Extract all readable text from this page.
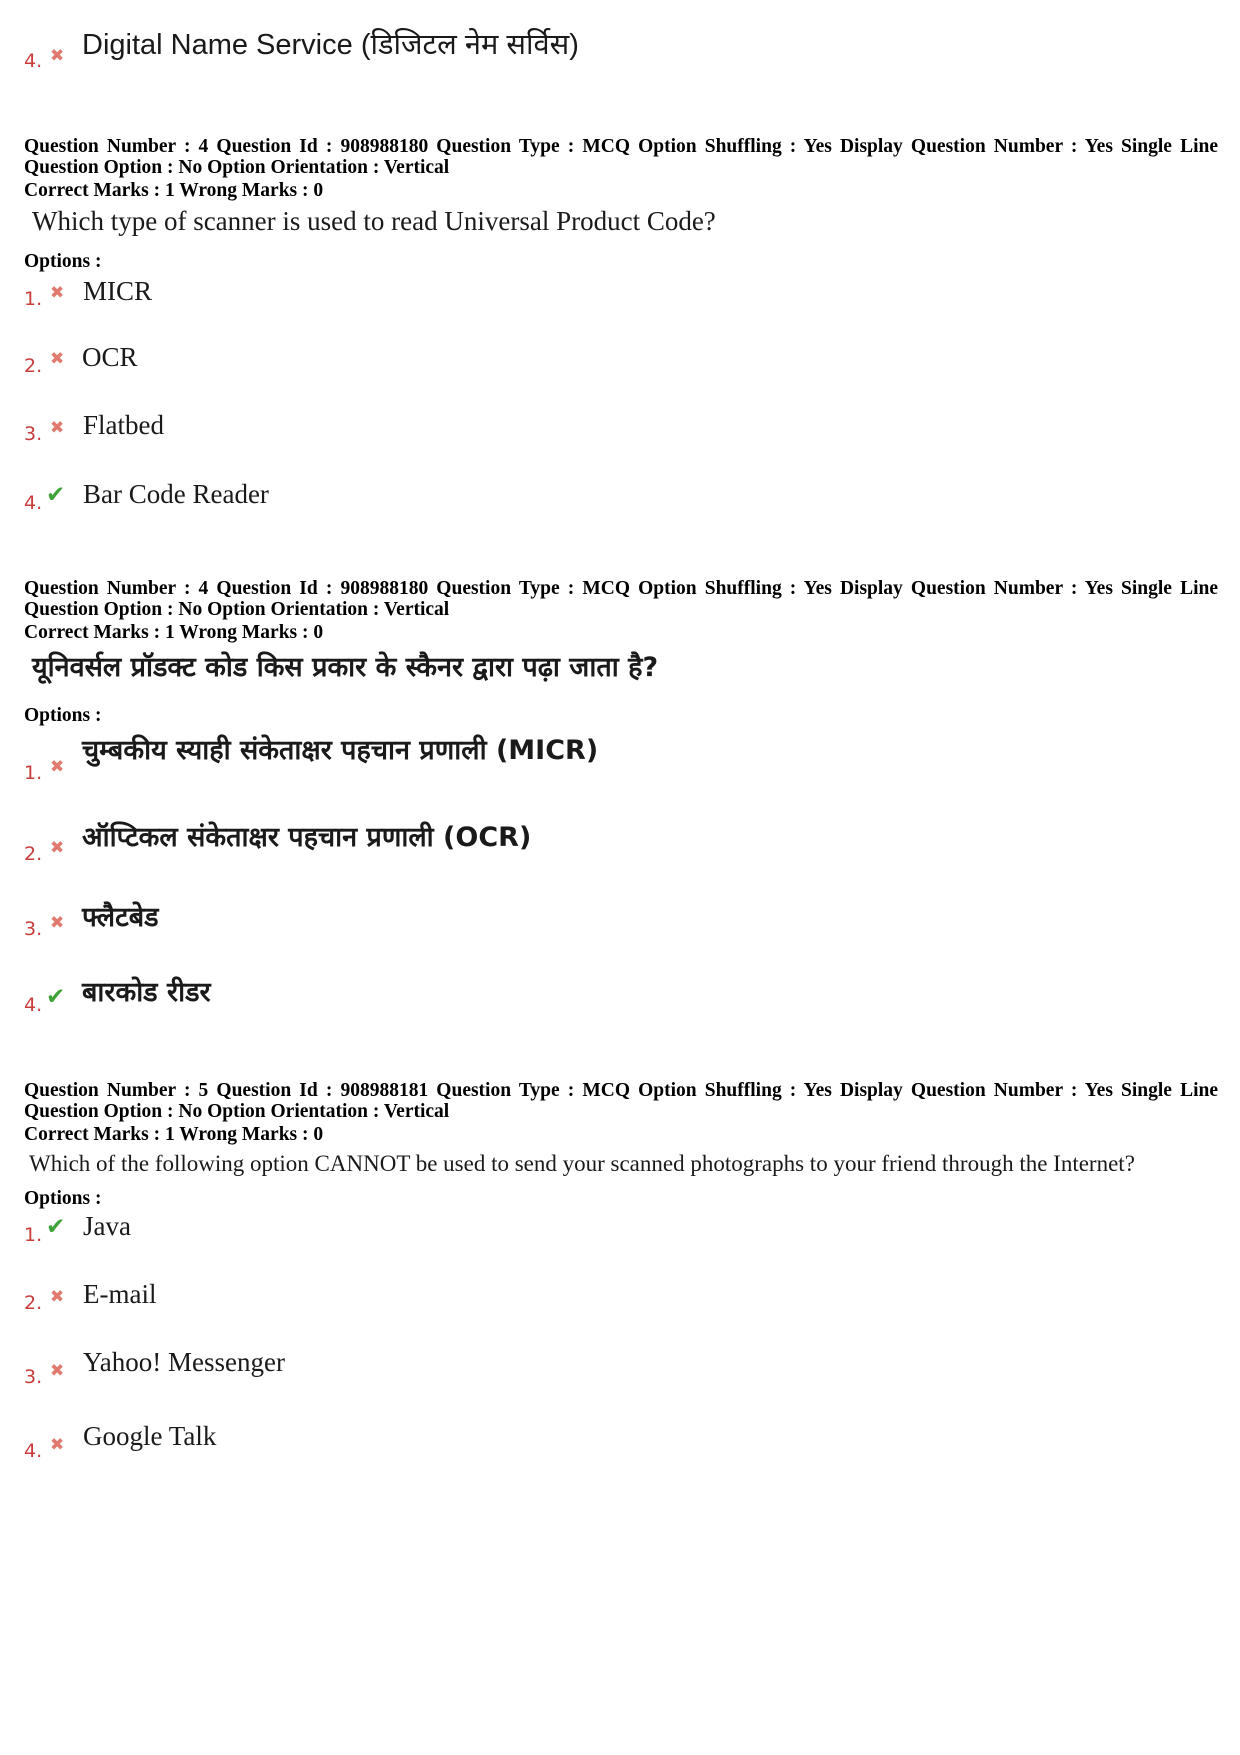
4. ✖ Digital Name Service (डिजिटल नेम सर्विस)
Question Number : 4 Question Id : 908988180 Question Type : MCQ Option Shuffling : Yes Display Question Number : Yes Single Line Question Option : No Option Orientation : Vertical
Correct Marks : 1 Wrong Marks : 0
Which type of scanner is used to read Universal Product Code?
Options :
1. ✖ MICR
2. ✖ OCR
3. ✖ Flatbed
4. ✔ Bar Code Reader
Question Number : 4 Question Id : 908988180 Question Type : MCQ Option Shuffling : Yes Display Question Number : Yes Single Line Question Option : No Option Orientation : Vertical
Correct Marks : 1 Wrong Marks : 0
यूनिवर्सल प्रॉडक्ट कोड किस प्रकार के स्कैनर द्वारा पढ़ा जाता है?
Options :
1. ✖
चुम्बकीय स्याही संकेताक्षर पहचान प्रणाली (MICR)
2. ✖ ऑप्टिकल संकेताक्षर पहचान प्रणाली (OCR)
3. ✖ फ्लैटबेड
4. ✔ बारकोड रीडर
Question Number : 5 Question Id : 908988181 Question Type : MCQ Option Shuffling : Yes Display Question Number : Yes Single Line Question Option : No Option Orientation : Vertical
Correct Marks : 1 Wrong Marks : 0
Which of the following option CANNOT be used to send your scanned photographs to your friend through the Internet?
Options :
1. ✔ Java
2. ✖ E-mail
3. ✖ Yahoo! Messenger
4. ✖ Google Talk
